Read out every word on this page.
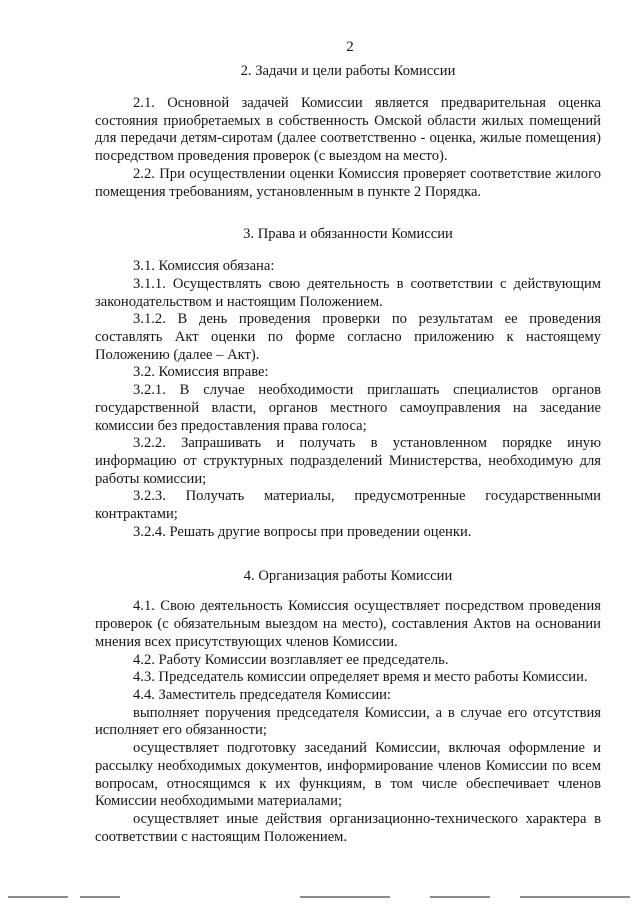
2
2. Задачи и цели работы Комиссии

2.1. Основной задачей Комиссии является предварительная оценка состояния приобретаемых в собственность Омской области жилых помещений для передачи детям-сиротам (далее соответственно - оценка, жилые помещения) посредством проведения проверок (с выездом на место).

2.2. При осуществлении оценки Комиссия проверяет соответствие жилого помещения требованиям, установленным в пункте 2 Порядка.

3. Права и обязанности Комиссии

3.1. Комиссия обязана:

3.1.1. Осуществлять свою деятельность в соответствии с действующим законодательством и настоящим Положением.

3.1.2. В день проведения проверки по результатам ее проведения составлять Акт оценки по форме согласно приложению к настоящему Положению (далее – Акт).

3.2. Комиссия вправе:

3.2.1. В случае необходимости приглашать специалистов органов государственной власти, органов местного самоуправления на заседание комиссии без предоставления права голоса;

3.2.2. Запрашивать и получать в установленном порядке иную информацию от структурных подразделений Министерства, необходимую для работы комиссии;

3.2.3. Получать материалы, предусмотренные государственными контрактами;

3.2.4. Решать другие вопросы при проведении оценки.

4. Организация работы Комиссии

4.1. Свою деятельность Комиссия осуществляет посредством проведения проверок (с обязательным выездом на место), составления Актов на основании мнения всех присутствующих членов Комиссии.

4.2. Работу Комиссии возглавляет ее председатель.

4.3. Председатель комиссии определяет время и место работы Комиссии.

4.4. Заместитель председателя Комиссии:

выполняет поручения председателя Комиссии, а в случае его отсутствия исполняет его обязанности;

осуществляет подготовку заседаний Комиссии, включая оформление и рассылку необходимых документов, информирование членов Комиссии по всем вопросам, относящимся к их функциям, в том числе обеспечивает членов Комиссии необходимыми материалами;

осуществляет иные действия организационно-технического характера в соответствии с настоящим Положением.
